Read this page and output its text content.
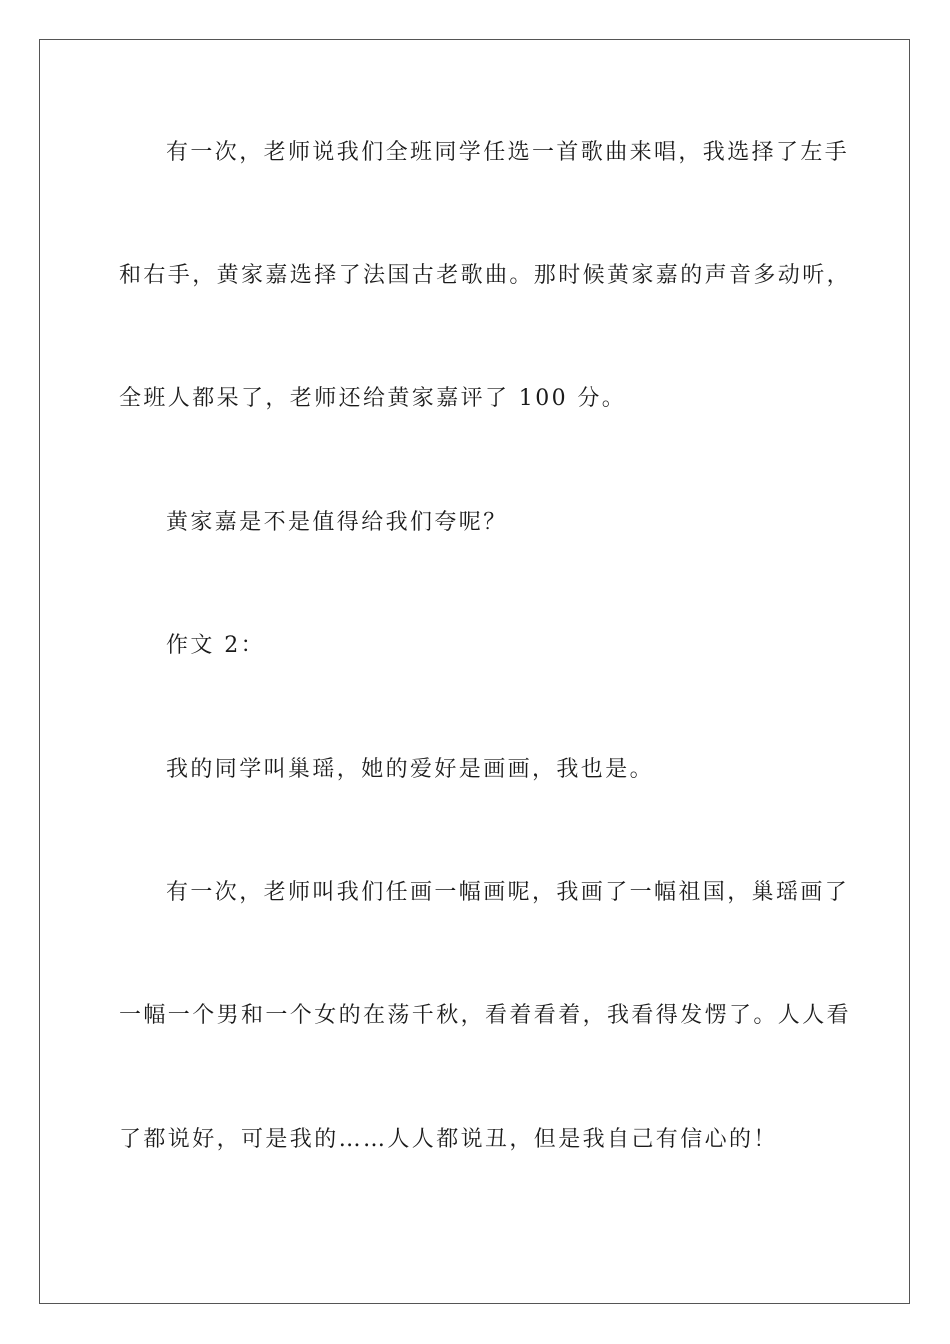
有一次，老师说我们全班同学任选一首歌曲来唱，我选择了左手

和右手，黄家嘉选择了法国古老歌曲。那时候黄家嘉的声音多动听，

全班人都呆了，老师还给黄家嘉评了 100 分。

黄家嘉是不是值得给我们夸呢？

作文 2：

我的同学叫巢瑶，她的爱好是画画，我也是。

有一次，老师叫我们任画一幅画呢，我画了一幅祖国，巢瑶画了

一幅一个男和一个女的在荡千秋，看着看着，我看得发愣了。人人看

了都说好，可是我的……人人都说丑，但是我自己有信心的！
